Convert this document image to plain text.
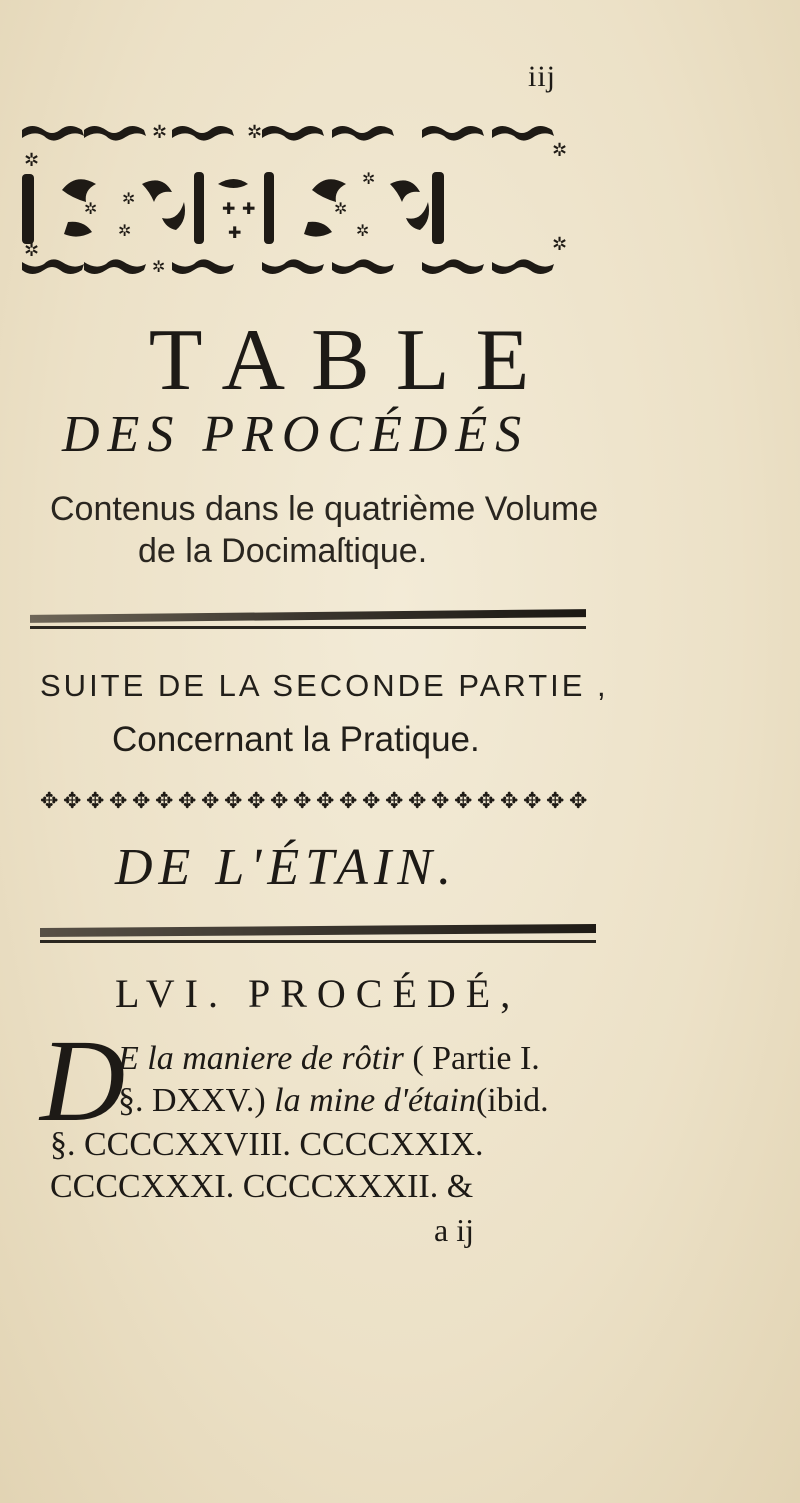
iij
✲	✲
✲
✲
✲
✲
✲
✚ ✚
✚
✲
✲
✲
✲
✲
✲
TABLE
DES PROCÉDÉS
Contenus dans le quatrième Volume
de la Docimaſtique.
SUITE DE LA SECONDE PARTIE ,
Concernant la Pratique.
✥ ✥ ✥ ✥ ✥ ✥ ✥ ✥ ✥ ✥ ✥ ✥ ✥ ✥ ✥ ✥ ✥ ✥ ✥ ✥ ✥ ✥ ✥ ✥
DE L'ÉTAIN.
LVI. PROCÉDÉ,
D
E la maniere de rôtir ( Partie I.
§. DXXV.) la mine d'étain(ibid.
§. CCCCXXVIII. CCCCXXIX.
CCCCXXXI. CCCCXXXII. &
a ij
